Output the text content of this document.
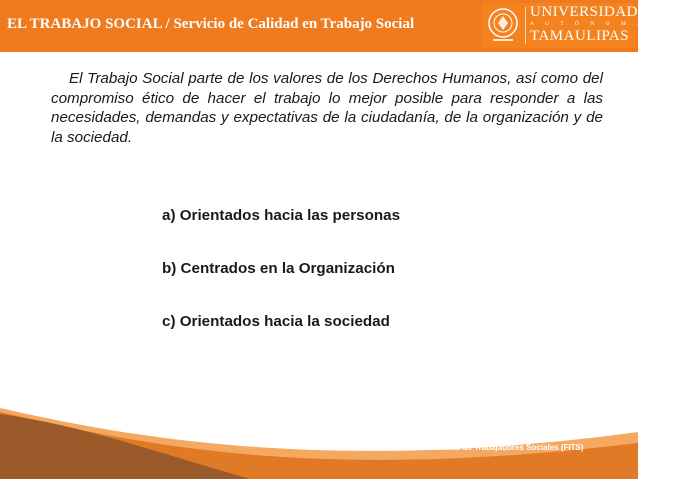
EL TRABAJO SOCIAL / Servicio de Calidad en Trabajo Social
UNIVERSIDAD
A U T Ó N O M A D E
TAMAULIPAS

El Trabajo Social parte de los valores de los Derechos Humanos, así como del compromiso ético de hacer el trabajo lo mejor posible para responder a las necesidades, demandas y expectativas de la ciudadanía, de la organización y de la sociedad.

a) Orientados hacia las personas
b) Centrados en la Organización
c) Orientados hacia la sociedad
FUENTE:Federación Internacional de Trabajadores Sociales (FITS)
